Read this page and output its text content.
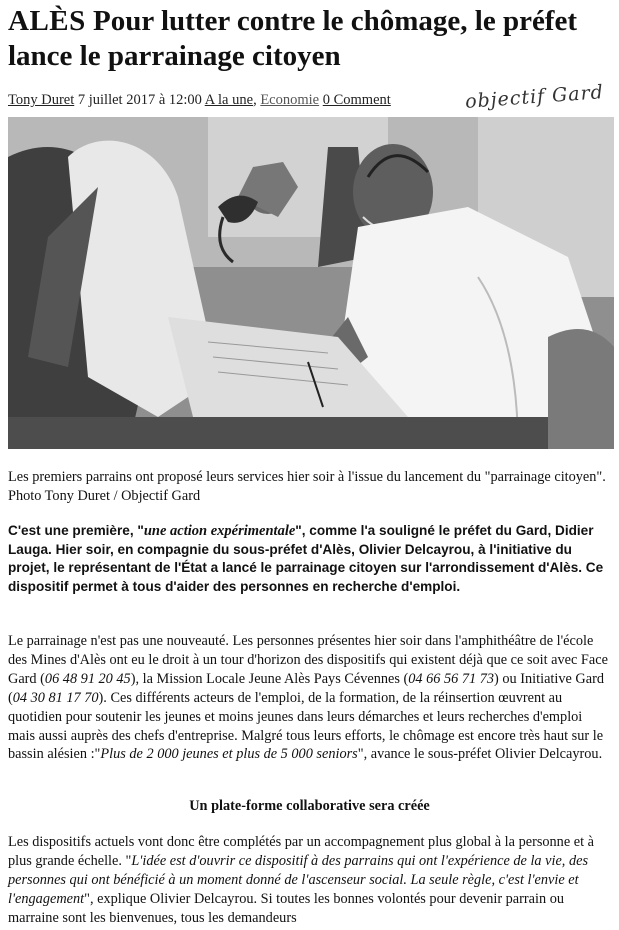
ALÈS Pour lutter contre le chômage, le préfet lance le parrainage citoyen
Tony Duret 7 juillet 2017 à 12:00 A la une, Economie 0 Comment	objectif Gard

Les premiers parrains ont proposé leurs services hier soir à l'issue du lancement du "parrainage citoyen". Photo Tony Duret / Objectif Gard

C'est une première, "une action expérimentale", comme l'a souligné le préfet du Gard, Didier Lauga. Hier soir, en compagnie du sous-préfet d'Alès, Olivier Delcayrou, à l'initiative du projet, le représentant de l'État a lancé le parrainage citoyen sur l'arrondissement d'Alès. Ce dispositif permet à tous d'aider des personnes en recherche d'emploi.

Le parrainage n'est pas une nouveauté. Les personnes présentes hier soir dans l'amphithéâtre de l'école des Mines d'Alès ont eu le droit à un tour d'horizon des dispositifs qui existent déjà que ce soit avec Face Gard (06 48 91 20 45), la Mission Locale Jeune Alès Pays Cévennes (04 66 56 71 73) ou Initiative Gard (04 30 81 17 70). Ces différents acteurs de l'emploi, de la formation, de la réinsertion œuvrent au quotidien pour soutenir les jeunes et moins jeunes dans leurs démarches et leurs recherches d'emploi mais aussi auprès des chefs d'entreprise. Malgré tous leurs efforts, le chômage est encore très haut sur le bassin alésien :"Plus de 2 000 jeunes et plus de 5 000 seniors", avance le sous-préfet Olivier Delcayrou.

Un plate-forme collaborative sera créée

Les dispositifs actuels vont donc être complétés par un accompagnement plus global à la personne et à plus grande échelle. "L'idée est d'ouvrir ce dispositif à des parrains qui ont l'expérience de la vie, des personnes qui ont bénéficié à un moment donné de l'ascenseur social. La seule règle, c'est l'envie et l'engagement", explique Olivier Delcayrou. Si toutes les bonnes volontés pour devenir parrain ou marraine sont les bienvenues, tous les demandeurs
